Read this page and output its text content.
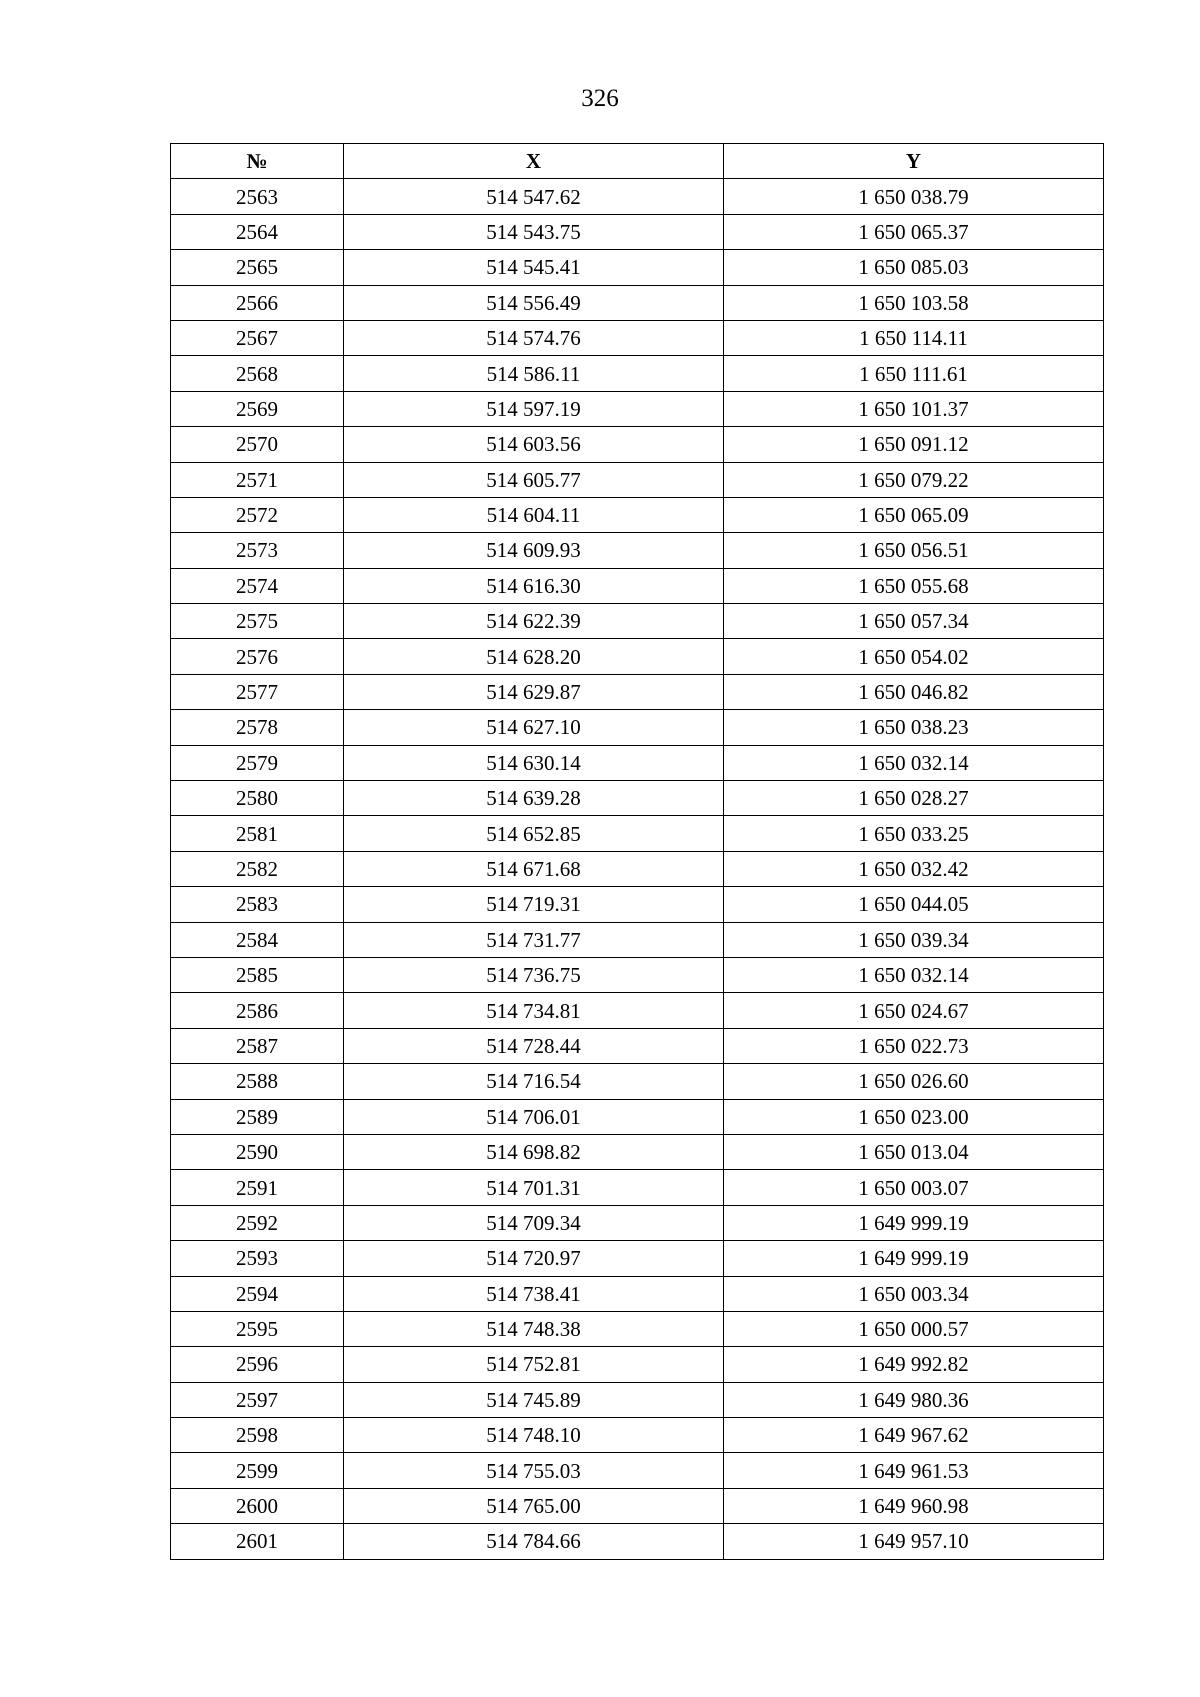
326
№	X	Y
2563	514 547.62	1 650 038.79
2564	514 543.75	1 650 065.37
2565	514 545.41	1 650 085.03
2566	514 556.49	1 650 103.58
2567	514 574.76	1 650 114.11
2568	514 586.11	1 650 111.61
2569	514 597.19	1 650 101.37
2570	514 603.56	1 650 091.12
2571	514 605.77	1 650 079.22
2572	514 604.11	1 650 065.09
2573	514 609.93	1 650 056.51
2574	514 616.30	1 650 055.68
2575	514 622.39	1 650 057.34
2576	514 628.20	1 650 054.02
2577	514 629.87	1 650 046.82
2578	514 627.10	1 650 038.23
2579	514 630.14	1 650 032.14
2580	514 639.28	1 650 028.27
2581	514 652.85	1 650 033.25
2582	514 671.68	1 650 032.42
2583	514 719.31	1 650 044.05
2584	514 731.77	1 650 039.34
2585	514 736.75	1 650 032.14
2586	514 734.81	1 650 024.67
2587	514 728.44	1 650 022.73
2588	514 716.54	1 650 026.60
2589	514 706.01	1 650 023.00
2590	514 698.82	1 650 013.04
2591	514 701.31	1 650 003.07
2592	514 709.34	1 649 999.19
2593	514 720.97	1 649 999.19
2594	514 738.41	1 650 003.34
2595	514 748.38	1 650 000.57
2596	514 752.81	1 649 992.82
2597	514 745.89	1 649 980.36
2598	514 748.10	1 649 967.62
2599	514 755.03	1 649 961.53
2600	514 765.00	1 649 960.98
2601	514 784.66	1 649 957.10
